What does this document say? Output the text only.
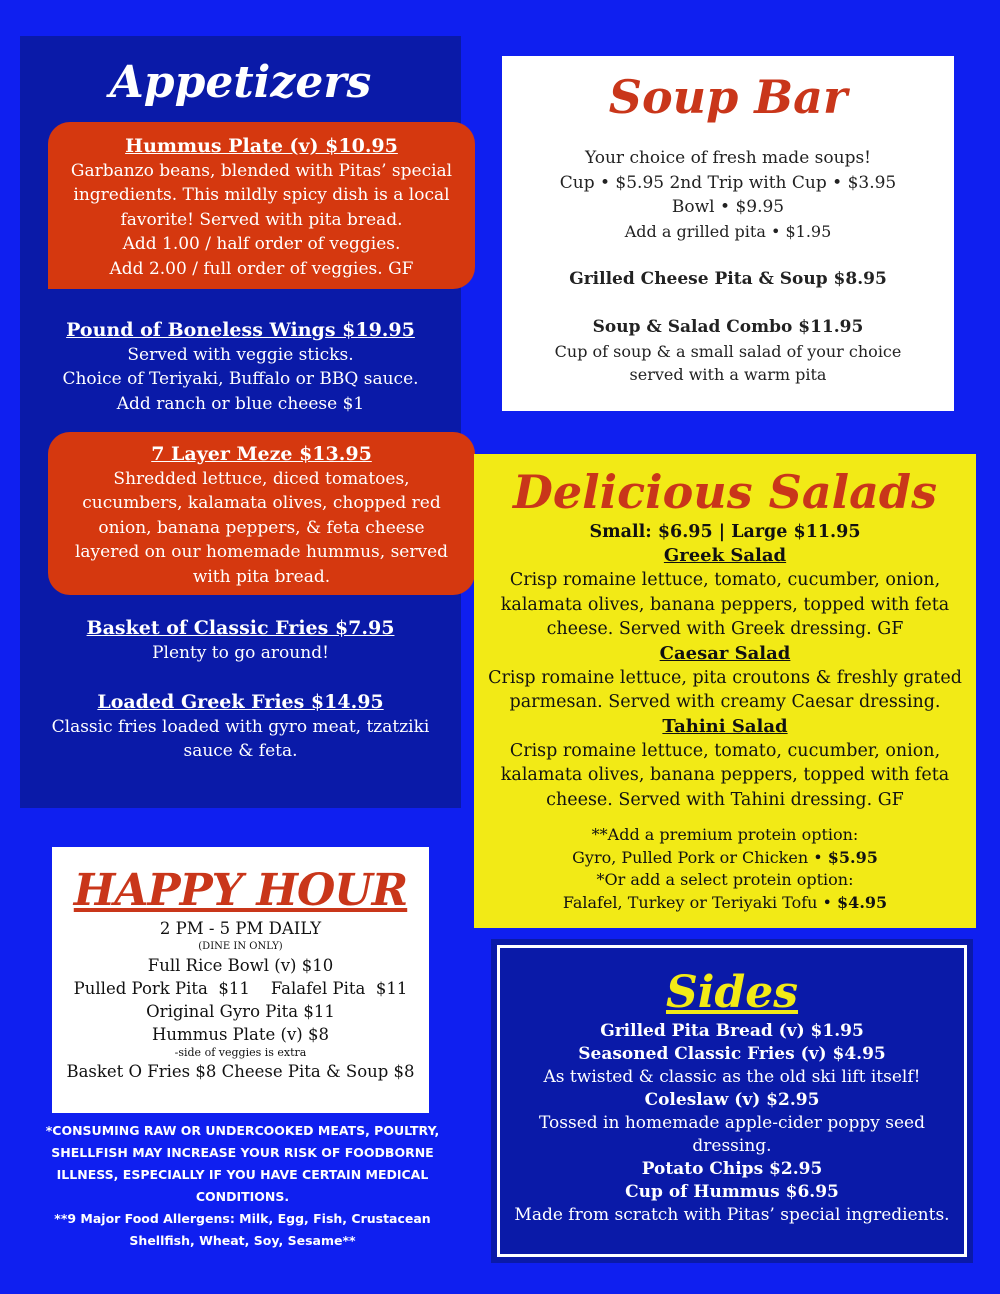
Appetizers
Hummus Plate (v) $10.95
Garbanzo beans, blended with Pitas’ special
ingredients. This mildly spicy dish is a local
favorite! Served with pita bread.
Add 1.00 / half order of veggies.
Add 2.00 / full order of veggies. GF
Pound of Boneless Wings $19.95
Served with veggie sticks.
Choice of Teriyaki, Buffalo or BBQ sauce.
Add ranch or blue cheese $1
7 Layer Meze $13.95
Shredded lettuce, diced tomatoes,
cucumbers, kalamata olives, chopped red
onion, banana peppers, & feta cheese
layered on our homemade hummus, served
with pita bread.
Basket of Classic Fries $7.95
Plenty to go around!
Loaded Greek Fries $14.95
Classic fries loaded with gyro meat, tzatziki
sauce & feta.
Soup Bar
Your choice of fresh made soups!
Cup • $5.95 2nd Trip with Cup • $3.95
Bowl • $9.95
Add a grilled pita • $1.95
Grilled Cheese Pita & Soup $8.95
Soup & Salad Combo $11.95
Cup of soup & a small salad of your choice
served with a warm pita
Delicious Salads
Small: $6.95 | Large $11.95
Greek Salad
Crisp romaine lettuce, tomato, cucumber, onion,
kalamata olives, banana peppers, topped with feta
cheese. Served with Greek dressing. GF
Caesar Salad
Crisp romaine lettuce, pita croutons & freshly grated
parmesan. Served with creamy Caesar dressing.
Tahini Salad
Crisp romaine lettuce, tomato, cucumber, onion,
kalamata olives, banana peppers, topped with feta
cheese. Served with Tahini dressing. GF
**Add a premium protein option:
Gyro, Pulled Pork or Chicken • $5.95
*Or add a select protein option:
Falafel, Turkey or Teriyaki Tofu • $4.95
HAPPY HOUR
2 PM - 5 PM DAILY
(DINE IN ONLY)
Full Rice Bowl (v) $10
Pulled Pork Pita  $11    Falafel Pita  $11
Original Gyro Pita $11
Hummus Plate (v) $8
-side of veggies is extra
Basket O Fries $8 Cheese Pita & Soup $8
*CONSUMING RAW OR UNDERCOOKED MEATS, POULTRY,
SHELLFISH MAY INCREASE YOUR RISK OF FOODBORNE
ILLNESS, ESPECIALLY IF YOU HAVE CERTAIN MEDICAL
CONDITIONS.
**9 Major Food Allergens: Milk, Egg, Fish, Crustacean
Shellfish, Wheat, Soy, Sesame**
Sides
Grilled Pita Bread (v) $1.95
Seasoned Classic Fries (v) $4.95
As twisted & classic as the old ski lift itself!
Coleslaw (v) $2.95
Tossed in homemade apple-cider poppy seed
dressing.
Potato Chips $2.95
Cup of Hummus $6.95
Made from scratch with Pitas’ special ingredients.
